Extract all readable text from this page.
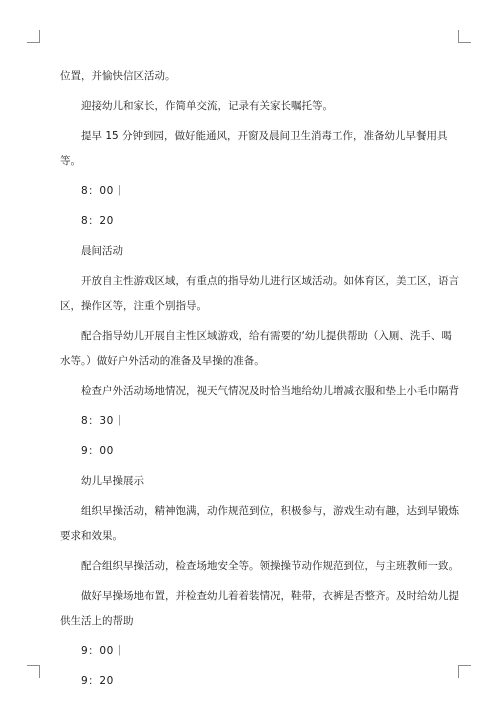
位置，并愉快信区活动。

迎接幼儿和家长，作简单交流，记录有关家长嘱托等。

提早 15 分钟到园，做好能通风，开窗及晨间卫生消毒工作，准备幼儿早餐用具等。

8：00｜

8：20

晨间活动

开放自主性游戏区域，有重点的指导幼儿进行区域活动。如体育区，美工区，语言区，操作区等，注重个别指导。

配合指导幼儿开展自主性区域游戏，给有需要的‘幼儿提供帮助（入厕、洗手、喝水等。）做好户外活动的准备及早操的准备。

检查户外活动场地情况，视天气情况及时恰当地给幼儿增减衣服和垫上小毛巾隔背

8：30｜

9：00

幼儿早操展示

组织早操活动，精神饱满，动作规范到位，积极参与，游戏生动有趣，达到早锻炼要求和效果。

配合组织早操活动，检查场地安全等。领操操节动作规范到位，与主班教师一致。

做好早操场地布置，并检查幼儿着着装情况，鞋带，衣裤是否整齐。及时给幼儿提供生活上的帮助

9：00｜

9：20
